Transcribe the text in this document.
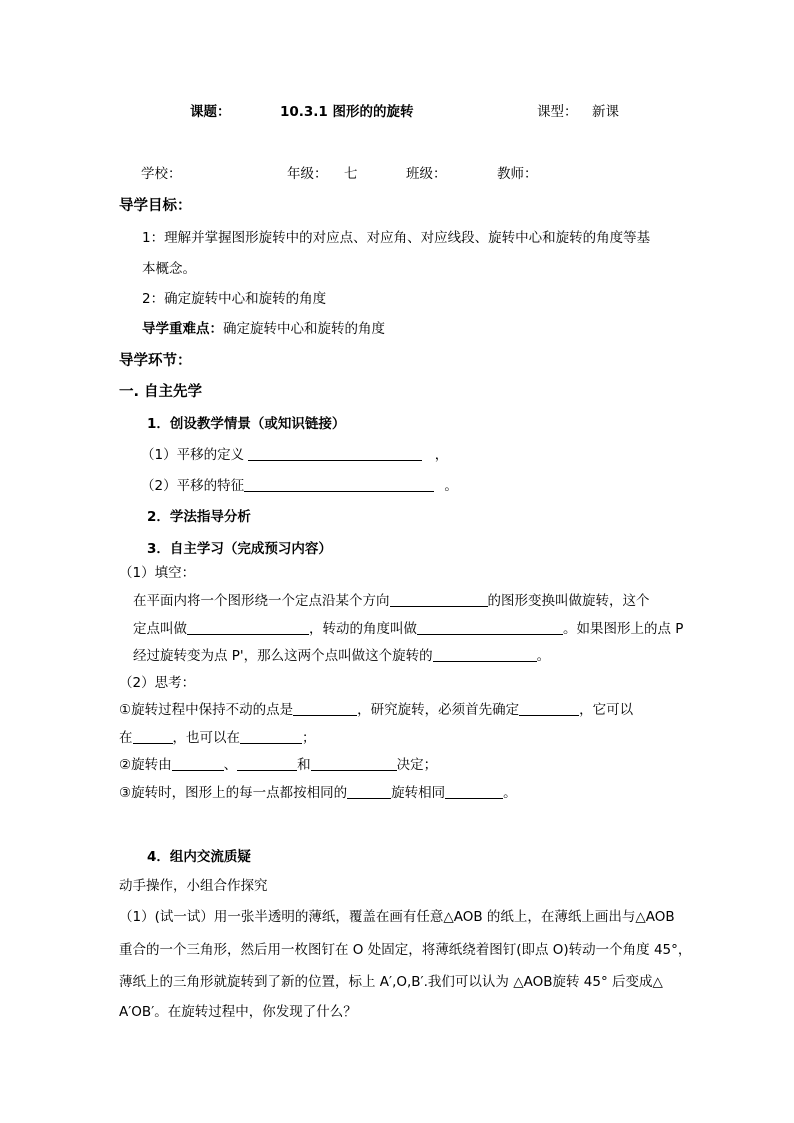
课题：	10.3.1 图形的的旋转	课型： 新课
学校：	年级： 七	班级：	教师：
导学目标：
1：理解并掌握图形旋转中的对应点、对应角、对应线段、旋转中心和旋转的角度等基
本概念。
2：确定旋转中心和旋转的角度
导学重难点：确定旋转中心和旋转的角度
导学环节：
一. 自主先学
1．创设教学情景（或知识链接）
（1）平移的定义	，
（2）平移的特征	。
2．学法指导分析
3．自主学习（完成预习内容）
（1）填空：
在平面内将一个图形绕一个定点沿某个方向	的图形变换叫做旋转，这个
定点叫做	，转动的角度叫做	。如果图形上的点 P
经过旋转变为点 P'，那么这两个点叫做这个旋转的	。
（2）思考：
①旋转过程中保持不动的点是	，研究旋转，必须首先确定	，它可以
在	，也可以在	；
②旋转由	、	和	决定；
③旋转时，图形上的每一点都按相同的	旋转相同	。
4．组内交流质疑
动手操作，小组合作探究
（1）(试一试）用一张半透明的薄纸，覆盖在画有任意△AOB 的纸上，在薄纸上画出与△AOB
重合的一个三角形，然后用一枚图钉在 O 处固定，将薄纸绕着图钉(即点 O)转动一个角度 45°，
薄纸上的三角形就旋转到了新的位置，标上 A′,O,B′.我们可以认为 △AOB旋转 45° 后变成△
A′OB′。在旋转过程中，你发现了什么？
